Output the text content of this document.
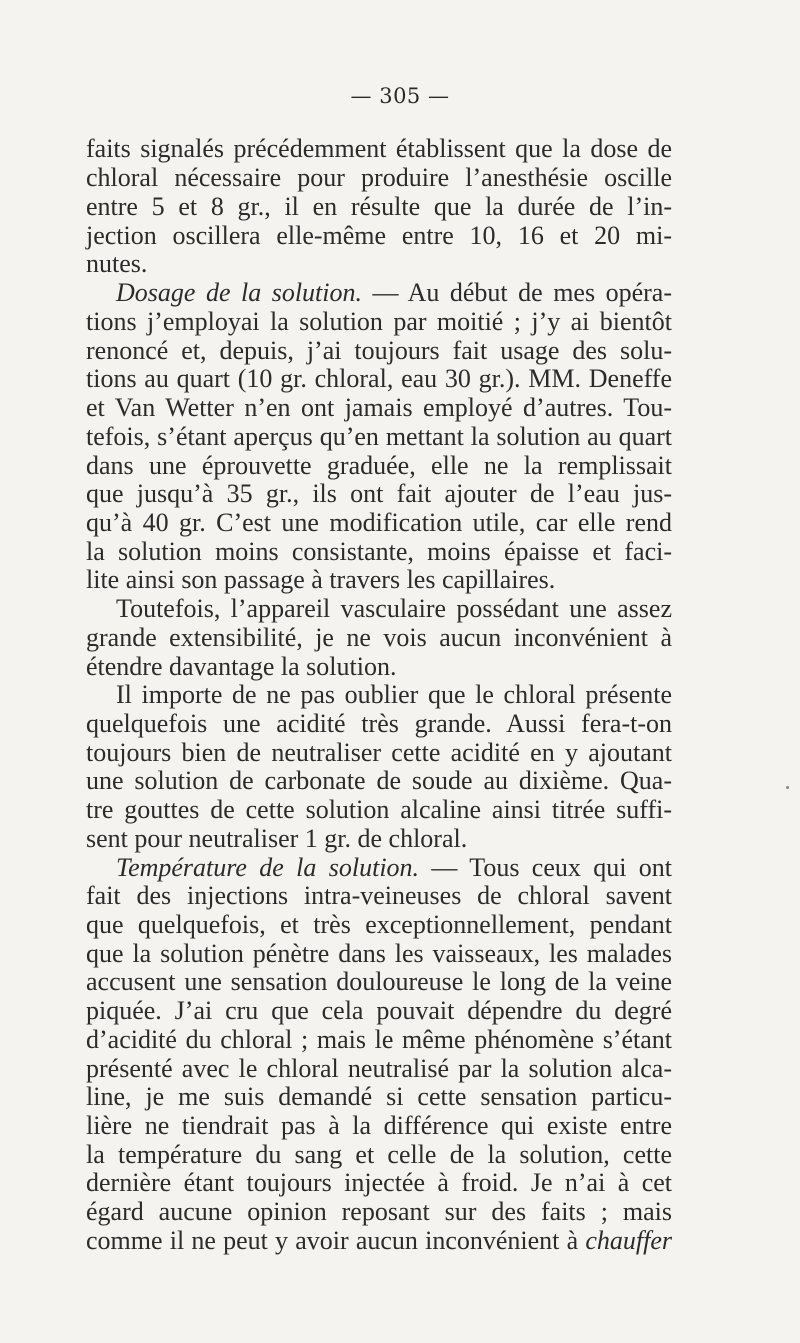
— 305 —
faits signalés précédemment établissent que la dose de
chloral nécessaire pour produire l’anesthésie oscille
entre 5 et 8 gr., il en résulte que la durée de l’in-
jection oscillera elle-même entre 10, 16 et 20 mi-
nutes.
Dosage de la solution. — Au début de mes opéra-
tions j’employai la solution par moitié ; j’y ai bientôt
renoncé et, depuis, j’ai toujours fait usage des solu-
tions au quart (10 gr. chloral, eau 30 gr.). MM. Deneffe
et Van Wetter n’en ont jamais employé d’autres. Tou-
tefois, s’étant aperçus qu’en mettant la solution au quart
dans une éprouvette graduée, elle ne la remplissait
que jusqu’à 35 gr., ils ont fait ajouter de l’eau jus-
qu’à 40 gr. C’est une modification utile, car elle rend
la solution moins consistante, moins épaisse et faci-
lite ainsi son passage à travers les capillaires.
Toutefois, l’appareil vasculaire possédant une assez
grande extensibilité, je ne vois aucun inconvénient à
étendre davantage la solution.
Il importe de ne pas oublier que le chloral présente
quelquefois une acidité très grande. Aussi fera-t-on
toujours bien de neutraliser cette acidité en y ajoutant
une solution de carbonate de soude au dixième. Qua-
tre gouttes de cette solution alcaline ainsi titrée suffi-
sent pour neutraliser 1 gr. de chloral.
Température de la solution. — Tous ceux qui ont
fait des injections intra-veineuses de chloral savent
que quelquefois, et très exceptionnellement, pendant
que la solution pénètre dans les vaisseaux, les malades
accusent une sensation douloureuse le long de la veine
piquée. J’ai cru que cela pouvait dépendre du degré
d’acidité du chloral ; mais le même phénomène s’étant
présenté avec le chloral neutralisé par la solution alca-
line, je me suis demandé si cette sensation particu-
lière ne tiendrait pas à la différence qui existe entre
la température du sang et celle de la solution, cette
dernière étant toujours injectée à froid. Je n’ai à cet
égard aucune opinion reposant sur des faits ; mais
comme il ne peut y avoir aucun inconvénient à chauffer
